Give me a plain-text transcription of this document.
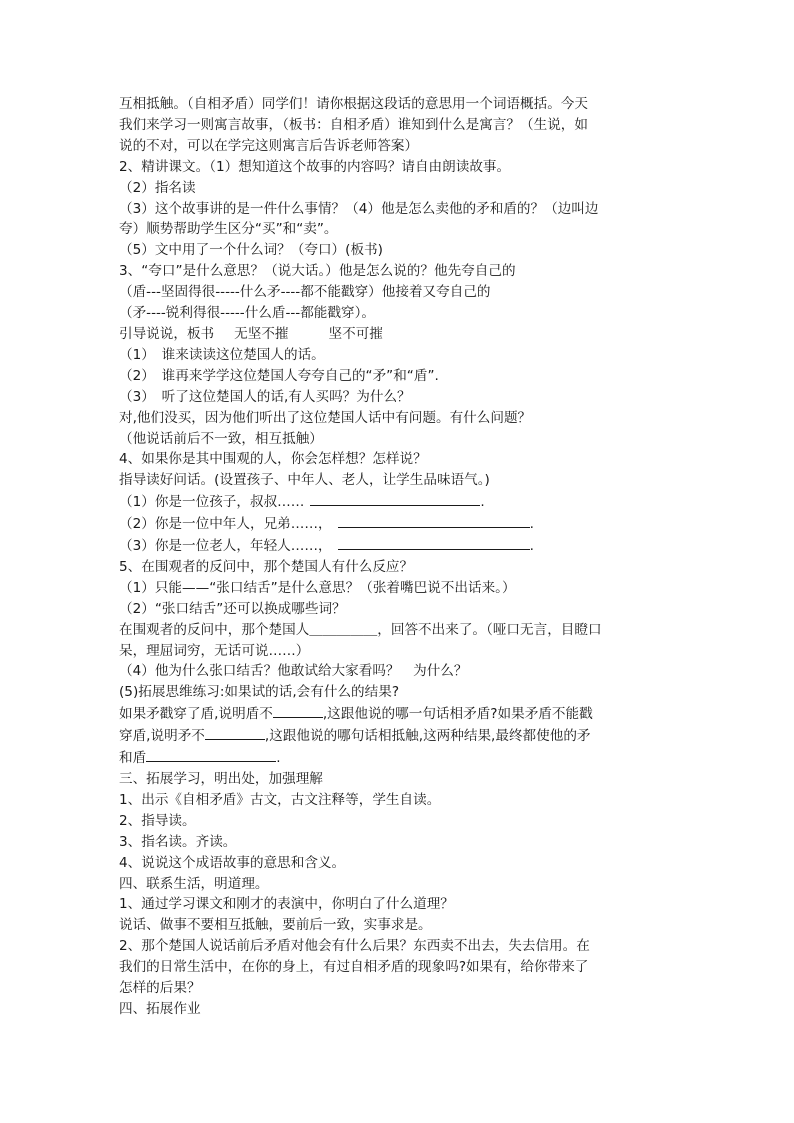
互相抵触。（自相矛盾）同学们！请你根据这段话的意思用一个词语概括。今天
我们来学习一则寓言故事，（板书：自相矛盾）谁知到什么是寓言？（生说，如
说的不对，可以在学完这则寓言后告诉老师答案）
2、精讲课文。（1）想知道这个故事的内容吗？请自由朗读故事。
（2）指名读
（3）这个故事讲的是一件什么事情？（4）他是怎么卖他的矛和盾的？（边叫边
夸）顺势帮助学生区分“买”和“卖”。
（5）文中用了一个什么词？（夸口）(板书)
3、“夸口”是什么意思？（说大话。）他是怎么说的？他先夸自己的
（盾---坚固得很-----什么矛----都不能戳穿）他接着又夸自己的
（矛----锐利得很-----什么盾---都能戳穿）。
引导说说，板书 无坚不摧	坚不可摧
（1）　谁来读读这位楚国人的话。
（2）　谁再来学学这位楚国人夸夸自己的“矛”和“盾”.
（3）　听了这位楚国人的话,有人买吗？为什么？
对,他们没买，因为他们听出了这位楚国人话中有问题。有什么问题？
（他说话前后不一致，相互抵触）
4、如果你是其中围观的人，你会怎样想？怎样说？
指导读好问话。(设置孩子、中年人、老人，让学生品味语气。)
（1）你是一位孩子，叔叔……	.
（2）你是一位中年人，兄弟……，	.
（3）你是一位老人，年轻人……，	.
5、在围观者的反问中，那个楚国人有什么反应？
（1）只能——“张口结舌”是什么意思？（张着嘴巴说不出话来。）
（2）“张口结舌”还可以换成哪些词？
在围观者的反问中，那个楚国人＿＿＿＿＿，回答不出来了。（哑口无言，目瞪口
呆，理屈词穷，无话可说……）
（4）他为什么张口结舌？他敢试给大家看吗？　为什么？
(5)拓展思维练习:如果试的话,会有什么的结果?
如果矛戳穿了盾,说明盾不	,这跟他说的哪一句话相矛盾?如果矛盾不能戳
穿盾,说明矛不	,这跟他说的哪句话相抵触,这两种结果,最终都使他的矛
和盾	.
三、拓展学习，明出处，加强理解
1、出示《自相矛盾》古文，古文注释等，学生自读。
2、指导读。
3、指名读。齐读。
4、说说这个成语故事的意思和含义。
四、联系生活，明道理。
1、通过学习课文和刚才的表演中，你明白了什么道理？
说话、做事不要相互抵触，要前后一致，实事求是。
2、那个楚国人说话前后矛盾对他会有什么后果？东西卖不出去，失去信用。在
我们的日常生活中，在你的身上，有过自相矛盾的现象吗?如果有，给你带来了
怎样的后果？
四、拓展作业
